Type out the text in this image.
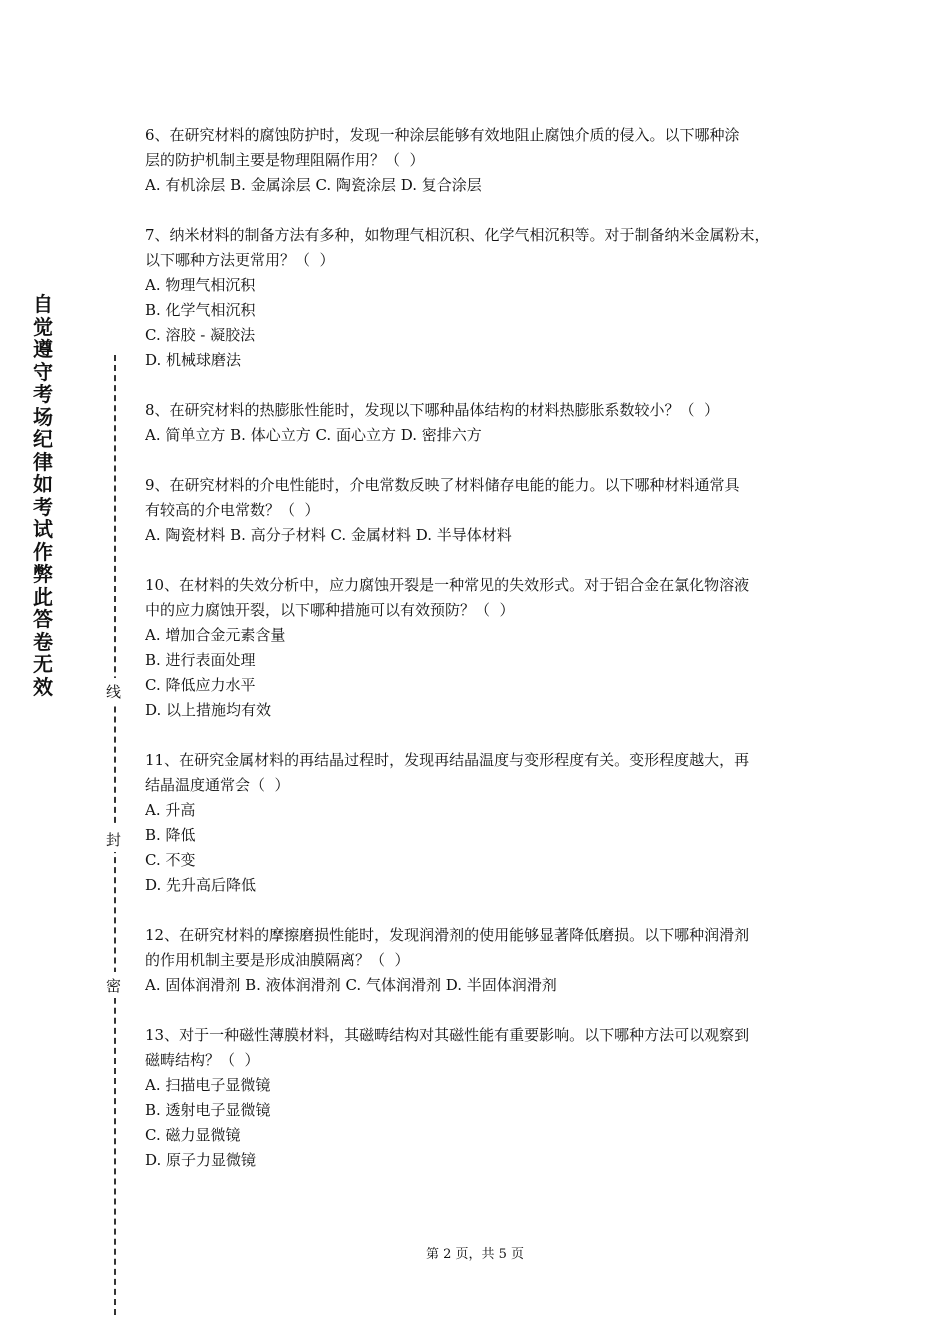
自觉遵守考场纪律如考试作弊此答卷无效	线
封
密
6、在研究材料的腐蚀防护时，发现一种涂层能够有效地阻止腐蚀介质的侵入。以下哪种涂
层的防护机制主要是物理阻隔作用？（  ）
A. 有机涂层 B. 金属涂层 C. 陶瓷涂层 D. 复合涂层
7、纳米材料的制备方法有多种，如物理气相沉积、化学气相沉积等。对于制备纳米金属粉末，
以下哪种方法更常用？（  ）
A. 物理气相沉积
B. 化学气相沉积
C. 溶胶 - 凝胶法
D. 机械球磨法
8、在研究材料的热膨胀性能时，发现以下哪种晶体结构的材料热膨胀系数较小？（  ）
A. 简单立方 B. 体心立方 C. 面心立方 D. 密排六方
9、在研究材料的介电性能时，介电常数反映了材料储存电能的能力。以下哪种材料通常具
有较高的介电常数？（  ）
A. 陶瓷材料 B. 高分子材料 C. 金属材料 D. 半导体材料
10、在材料的失效分析中，应力腐蚀开裂是一种常见的失效形式。对于铝合金在氯化物溶液
中的应力腐蚀开裂，以下哪种措施可以有效预防？（  ）
A. 增加合金元素含量
B. 进行表面处理
C. 降低应力水平
D. 以上措施均有效
11、在研究金属材料的再结晶过程时，发现再结晶温度与变形程度有关。变形程度越大，再
结晶温度通常会（  ）
A. 升高
B. 降低
C. 不变
D. 先升高后降低
12、在研究材料的摩擦磨损性能时，发现润滑剂的使用能够显著降低磨损。以下哪种润滑剂
的作用机制主要是形成油膜隔离？（  ）
A. 固体润滑剂 B. 液体润滑剂 C. 气体润滑剂 D. 半固体润滑剂
13、对于一种磁性薄膜材料，其磁畴结构对其磁性能有重要影响。以下哪种方法可以观察到
磁畴结构？（  ）
A. 扫描电子显微镜
B. 透射电子显微镜
C. 磁力显微镜
D. 原子力显微镜
第 2 页，共 5 页
